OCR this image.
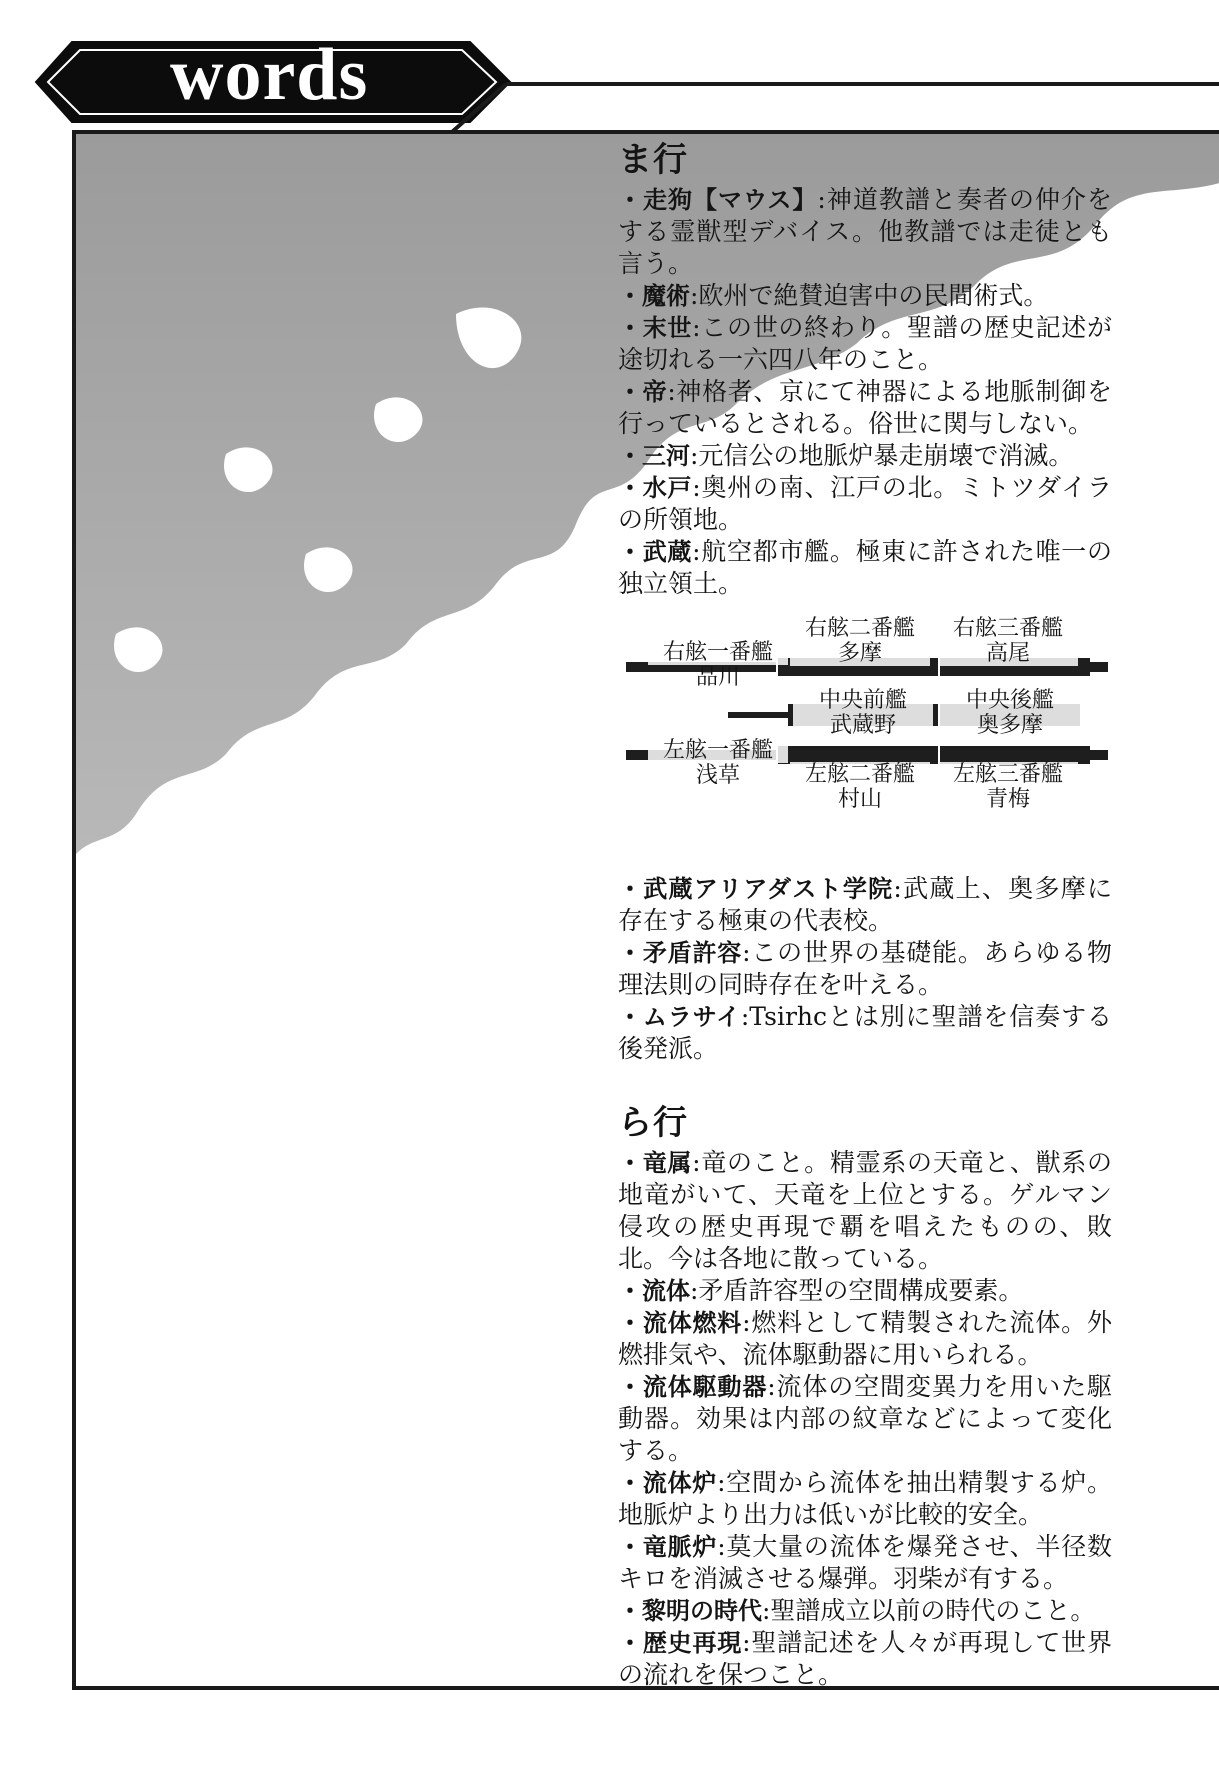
words
ま行

・走狗【マウス】:神道教譜と奏者の仲介をする霊獣型デバイス。他教譜では走徒とも言う。

・魔術:欧州で絶賛迫害中の民間術式。

・末世:この世の終わり。聖譜の歴史記述が途切れる一六四八年のこと。

・帝:神格者、京にて神器による地脈制御を行っているとされる。俗世に関与しない。

・三河:元信公の地脈炉暴走崩壊で消滅。

・水戸:奥州の南、江戸の北。ミトツダイラの所領地。

・武蔵:航空都市艦。極東に許された唯一の独立領土。

右舷一番艦
品川
右舷二番艦
多摩
右舷三番艦
高尾
中央前艦
武蔵野
中央後艦
奥多摩
左舷一番艦
浅草	左舷二番艦
村山
左舷三番艦
青梅

・武蔵アリアダスト学院:武蔵上、奥多摩に存在する極東の代表校。

・矛盾許容:この世界の基礎能。あらゆる物理法則の同時存在を叶える。

・ムラサイ:Tsirhcとは別に聖譜を信奏する後発派。

ら行

・竜属:竜のこと。精霊系の天竜と、獣系の地竜がいて、天竜を上位とする。ゲルマン侵攻の歴史再現で覇を唱えたものの、敗北。今は各地に散っている。

・流体:矛盾許容型の空間構成要素。

・流体燃料:燃料として精製された流体。外燃排気や、流体駆動器に用いられる。

・流体駆動器:流体の空間変異力を用いた駆動器。効果は内部の紋章などによって変化する。

・流体炉:空間から流体を抽出精製する炉。地脈炉より出力は低いが比較的安全。

・竜脈炉:莫大量の流体を爆発させ、半径数キロを消滅させる爆弾。羽柴が有する。

・黎明の時代:聖譜成立以前の時代のこと。

・歴史再現:聖譜記述を人々が再現して世界の流れを保つこと。
